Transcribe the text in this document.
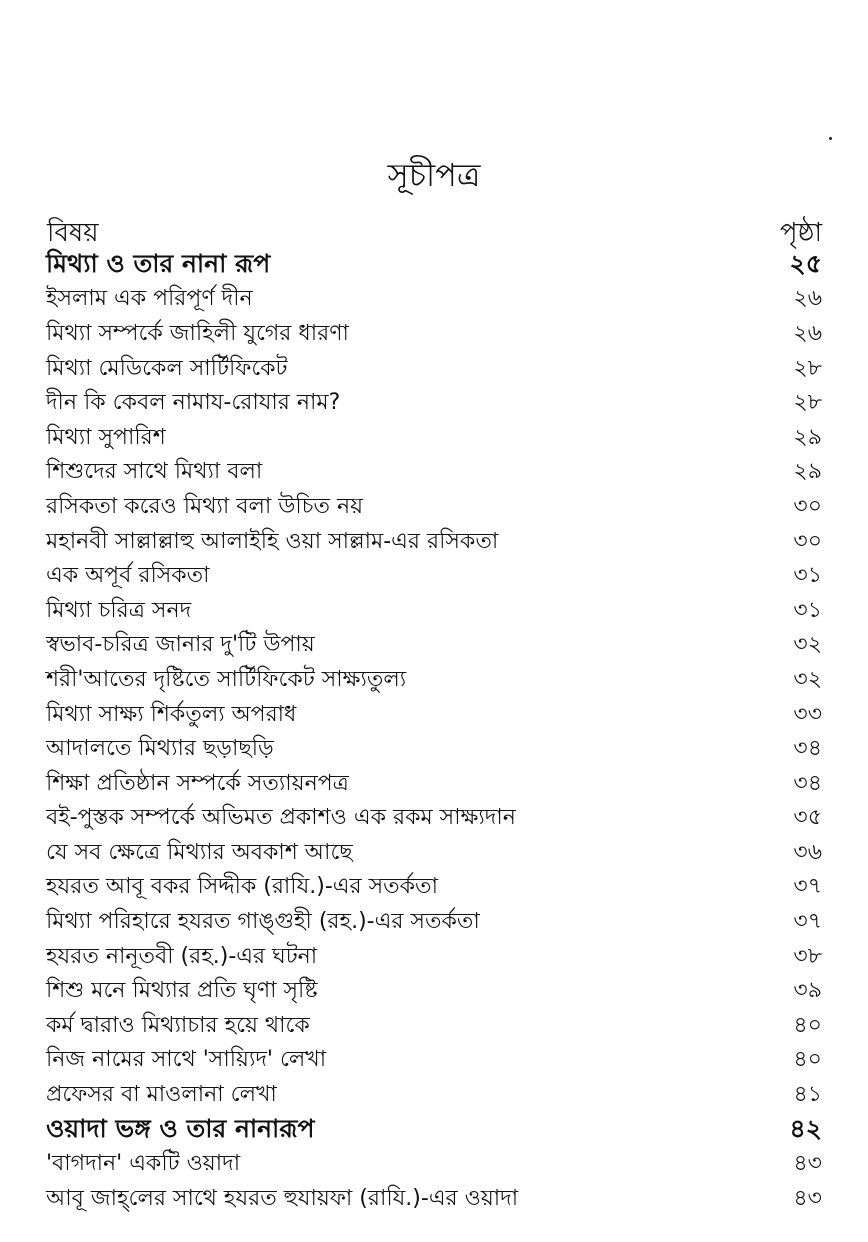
সূচীপত্র
বিষয়	পৃষ্ঠা
মিথ্যা ও তার নানা রূপ	২৫
ইসলাম এক পরিপূর্ণ দীন	২৬
মিথ্যা সম্পর্কে জাহিলী যুগের ধারণা	২৬
মিথ্যা মেডিকেল সার্টিফিকেট	২৮
দীন কি কেবল নামায-রোযার নাম?	২৮
মিথ্যা সুপারিশ	২৯
শিশুদের সাথে মিথ্যা বলা	২৯
রসিকতা করেও মিথ্যা বলা উচিত নয়	৩০
মহানবী সাল্লাল্লাহু আলাইহি ওয়া সাল্লাম-এর রসিকতা	৩০
এক অপূর্ব রসিকতা	৩১
মিথ্যা চরিত্র সনদ	৩১
স্বভাব-চরিত্র জানার দু'টি উপায়	৩২
শরী'আতের দৃষ্টিতে সার্টিফিকেট সাক্ষ্যতুল্য	৩২
মিথ্যা সাক্ষ্য শির্কতুল্য অপরাধ	৩৩
আদালতে মিথ্যার ছড়াছড়ি	৩৪
শিক্ষা প্রতিষ্ঠান সম্পর্কে সত্যায়নপত্র	৩৪
বই-পুস্তক সম্পর্কে অভিমত প্রকাশও এক রকম সাক্ষ্যদান	৩৫
যে সব ক্ষেত্রে মিথ্যার অবকাশ আছে	৩৬
হযরত আবূ বকর সিদ্দীক (রাযি.)-এর সতর্কতা	৩৭
মিথ্যা পরিহারে হযরত গাঙ্গুহী (রহ.)-এর সতর্কতা	৩৭
হযরত নানূতবী (রহ.)-এর ঘটনা	৩৮
শিশু মনে মিথ্যার প্রতি ঘৃণা সৃষ্টি	৩৯
কর্ম দ্বারাও মিথ্যাচার হয়ে থাকে	৪০
নিজ নামের সাথে 'সায়্যিদ' লেখা	৪০
প্রফেসর বা মাওলানা লেখা	৪১
ওয়াদা ভঙ্গ ও তার নানারূপ	৪২
'বাগদান' একটি ওয়াদা	৪৩
আবূ জাহ্‌লের সাথে হযরত হুযায়ফা (রাযি.)-এর ওয়াদা	৪৩
